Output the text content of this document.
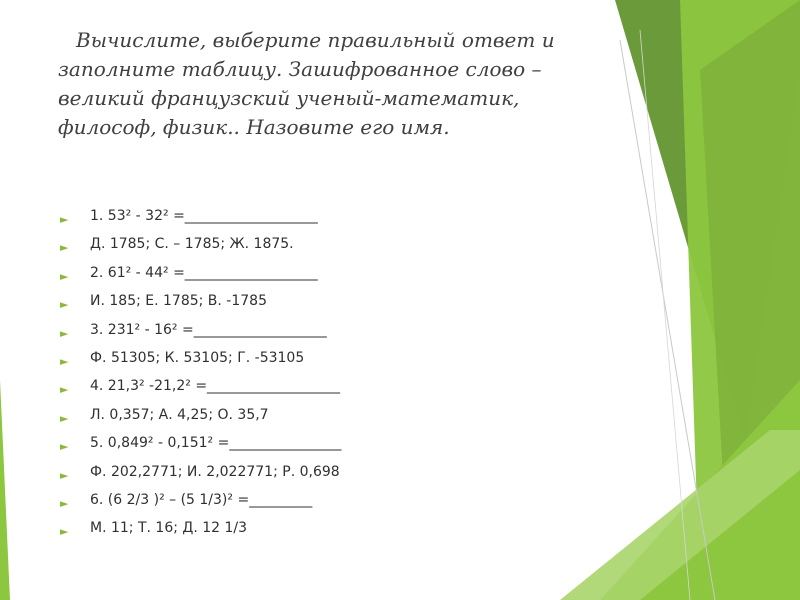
Вычислите, выберите правильный ответ и
заполните таблицу. Зашифрованное слово –
великий французский ученый-математик,
философ, физик.. Назовите его имя.
► 1. 53² - 32² =___________________
► Д. 1785; С. – 1785; Ж. 1875.
► 2. 61² - 44² =___________________
► И. 185; Е. 1785; В. -1785
► 3. 231² - 16² =___________________
► Ф. 51305; К. 53105; Г. -53105
► 4. 21,3² -21,2² =___________________
► Л. 0,357; А. 4,25; О. 35,7
► 5. 0,849² - 0,151² =________________
► Ф. 202,2771; И. 2,022771; Р. 0,698
► 6. (6 2/3 )² – (5 1/3)² =_________
► М. 11; Т. 16; Д. 12 1/3
